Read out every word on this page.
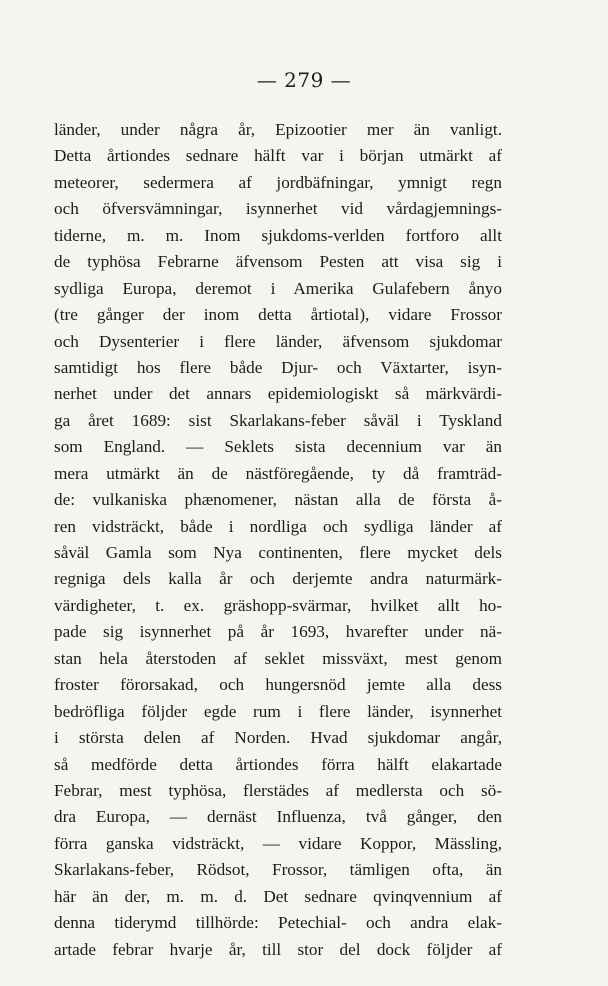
— 279 —
länder, under några år, Epizootier mer än vanligt.
Detta årtiondes sednare hälft var i början utmärkt af
meteorer, sedermera af jordbäfningar, ymnigt regn
och öfversvämningar, isynnerhet vid vårdagjemnings-
tiderne, m. m. Inom sjukdoms-verlden fortforo allt
de typhösa Febrarne äfvensom Pesten att visa sig i
sydliga Europa, deremot i Amerika Gulafebern ånyo
(tre gånger der inom detta årtiotal), vidare Frossor
och Dysenterier i flere länder, äfvensom sjukdomar
samtidigt hos flere både Djur- och Växtarter, isyn-
nerhet under det annars epidemiologiskt så märkvärdi-
ga året 1689: sist Skarlakans-feber såväl i Tyskland
som England. — Seklets sista decennium var än
mera utmärkt än de nästföregående, ty då framträd-
de: vulkaniska phænomener, nästan alla de första å-
ren vidsträckt, både i nordliga och sydliga länder af
såväl Gamla som Nya continenten, flere mycket dels
regniga dels kalla år och derjemte andra naturmärk-
värdigheter, t. ex. gräshopp-svärmar, hvilket allt ho-
pade sig isynnerhet på år 1693, hvarefter under nä-
stan hela återstoden af seklet missväxt, mest genom
froster förorsakad, och hungersnöd jemte alla dess
bedröfliga följder egde rum i flere länder, isynnerhet
i största delen af Norden. Hvad sjukdomar angår,
så medförde detta årtiondes förra hälft elakartade
Febrar, mest typhösa, flerstädes af medlersta och sö-
dra Europa, — dernäst Influenza, två gånger, den
förra ganska vidsträckt, — vidare Koppor, Mässling,
Skarlakans-feber, Rödsot, Frossor, tämligen ofta, än
här än der, m. m. d. Det sednare qvinqvennium af
denna tiderymd tillhörde: Petechial- och andra elak-
artade febrar hvarje år, till stor del dock följder af
